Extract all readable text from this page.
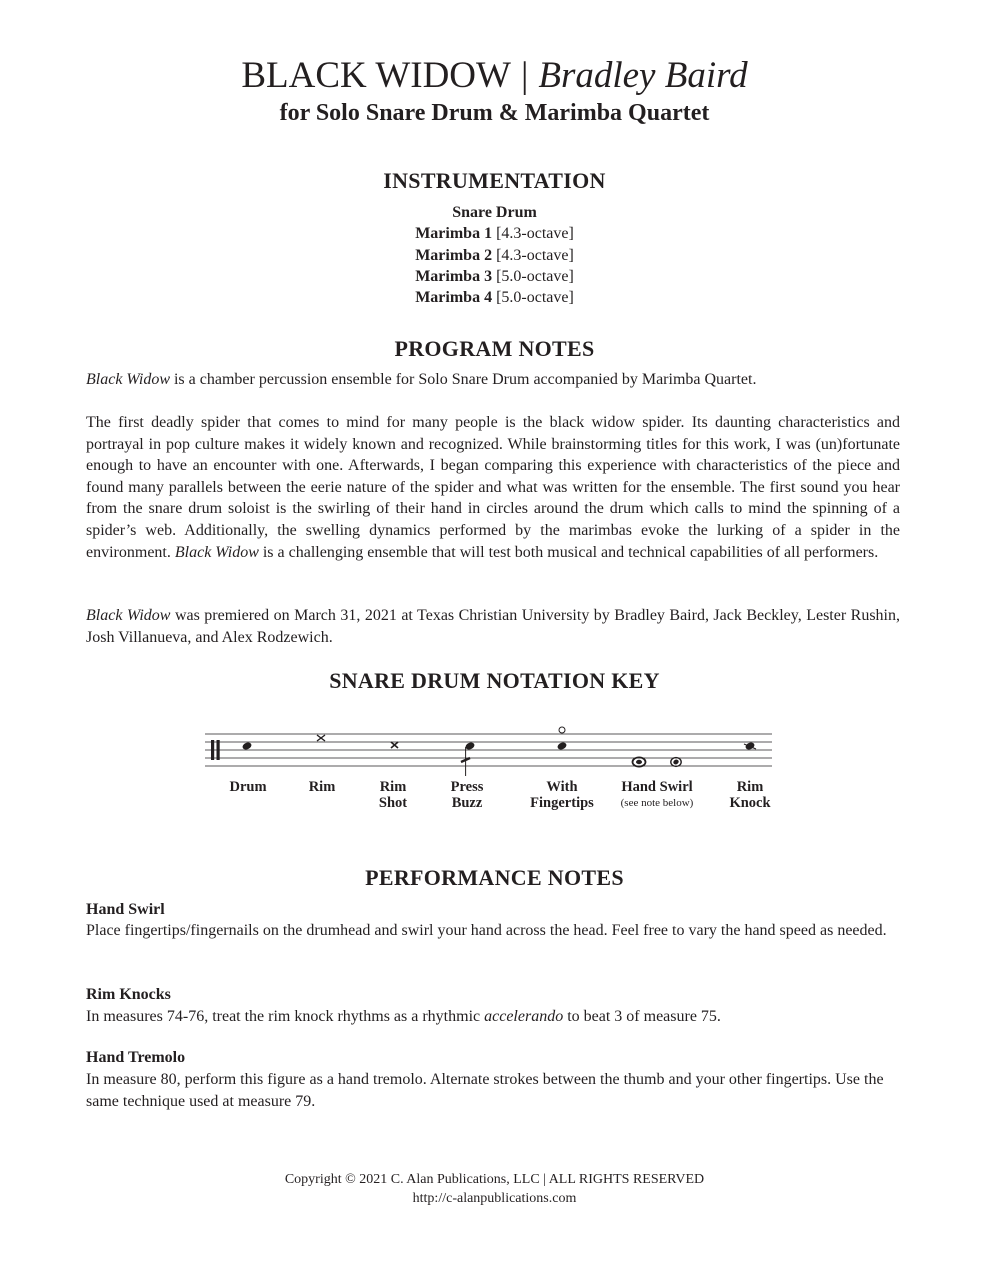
BLACK WIDOW | Bradley Baird
for Solo Snare Drum & Marimba Quartet
INSTRUMENTATION
Snare Drum
Marimba 1 [4.3-octave]
Marimba 2 [4.3-octave]
Marimba 3 [5.0-octave]
Marimba 4 [5.0-octave]
PROGRAM NOTES

Black Widow is a chamber percussion ensemble for Solo Snare Drum accompanied by Marimba Quartet.

The first deadly spider that comes to mind for many people is the black widow spider. Its daunting characteristics and portrayal in pop culture makes it widely known and recognized. While brainstorming titles for this work, I was (un)fortunate enough to have an encounter with one. Afterwards, I began comparing this experience with characteristics of the piece and found many parallels between the eerie nature of the spider and what was written for the ensemble. The first sound you hear from the snare drum soloist is the swirling of their hand in circles around the drum which calls to mind the spinning of a spider’s web. Additionally, the swelling dynamics performed by the marimbas evoke the lurking of a spider in the environment. Black Widow is a challenging ensemble that will test both musical and technical capabilities of all performers.

Black Widow was premiered on March 31, 2021 at Texas Christian University by Bradley Baird, Jack Beckley, Lester Rushin, Josh Villanueva, and Alex Rodzewich.

SNARE DRUM NOTATION KEY
Drum	Rim	Rim
Shot
Press
Buzz
With
Fingertips
Hand Swirl
(see note below)
Rim
Knock
PERFORMANCE NOTES
Hand Swirl

Place fingertips/fingernails on the drumhead and swirl your hand across the head. Feel free to vary the hand speed as needed.

Rim Knocks

In measures 74-76, treat the rim knock rhythms as a rhythmic accelerando to beat 3 of measure 75.

Hand Tremolo

In measure 80, perform this figure as a hand tremolo. Alternate strokes between the thumb and your other fingertips. Use the same technique used at measure 79.

Copyright © 2021 C. Alan Publications, LLC | ALL RIGHTS RESERVED
http://c-alanpublications.com
